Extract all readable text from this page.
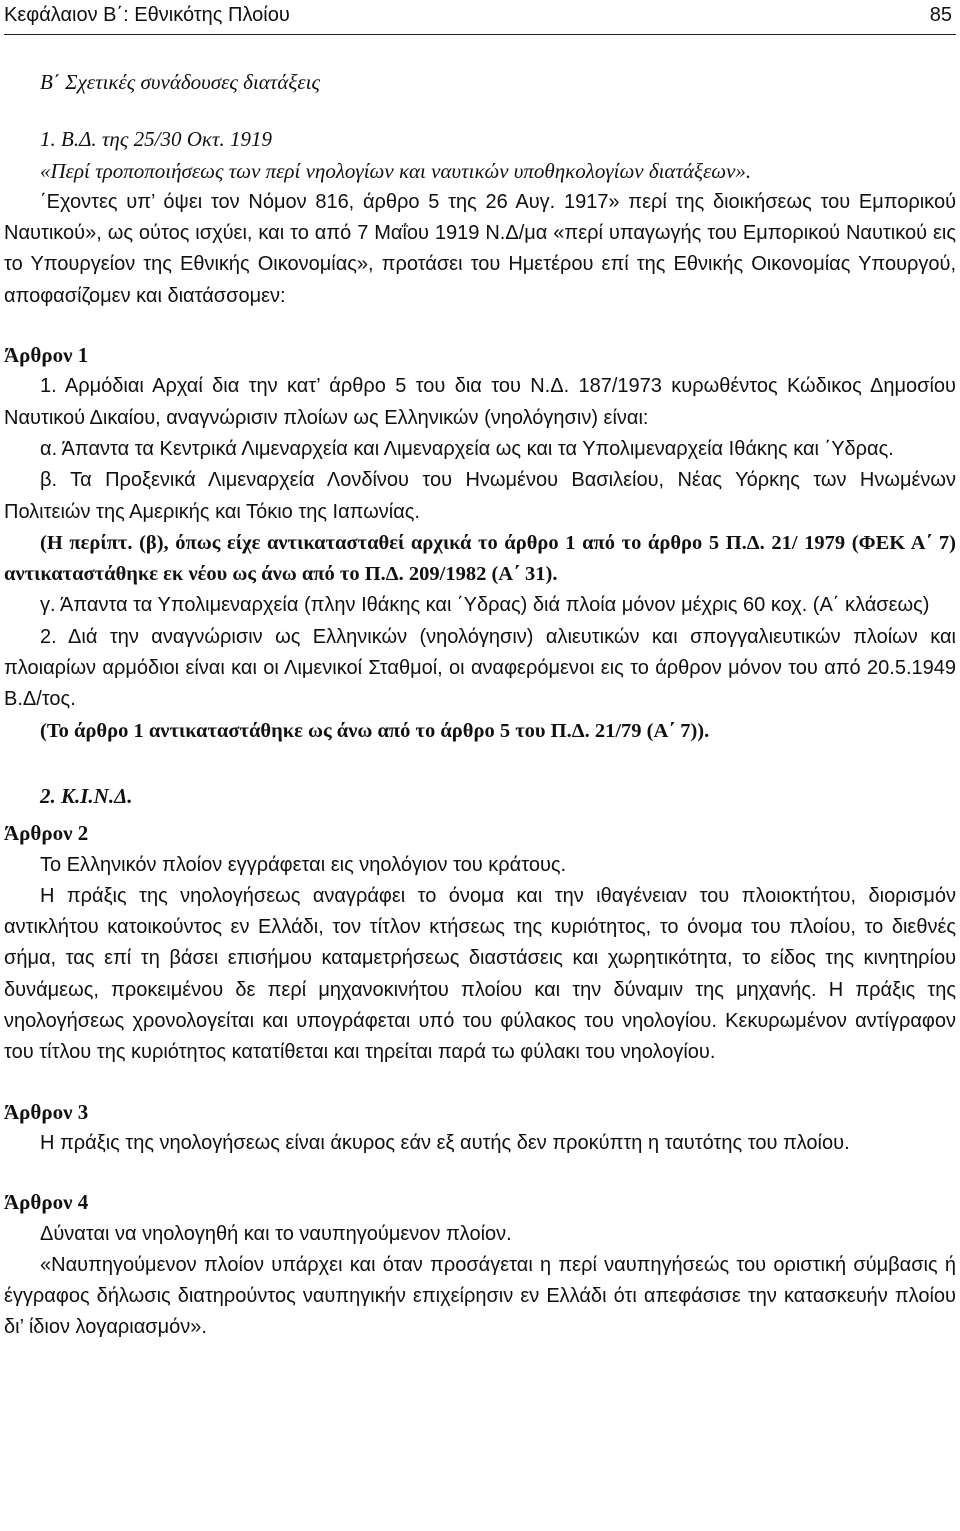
Κεφάλαιον Β΄: Εθνικότης Πλοίου	85

Β΄ Σχετικές συνάδουσες διατάξεις

1. Β.Δ. της 25/30 Οκτ. 1919

«Περί τροποποιήσεως των περί νηολογίων και ναυτικών υποθηκολογίων διατάξεων».

΄Εχοντες υπ’ όψει τον Νόμον 816, άρθρο 5 της 26 Αυγ. 1917» περί της διοικήσεως του Εμπορικού Ναυτικού», ως ούτος ισχύει, και το από 7 Μαΐου 1919 Ν.Δ/μα «περί υπαγωγής του Εμπορικού Ναυτικού εις το Υπουργείον της Εθνικής Οικονομίας», προτάσει του Ημετέρου επί της Εθνικής Οικονομίας Υπουργού, αποφασίζομεν και διατάσσομεν:

Άρθρον 1

1. Αρμόδιαι Αρχαί δια την κατ’ άρθρο 5 του δια του Ν.Δ. 187/1973 κυρωθέντος Κώδικος Δημοσίου Ναυτικού Δικαίου, αναγνώρισιν πλοίων ως Ελληνικών (νηολόγησιν) είναι:

α. Άπαντα τα Κεντρικά Λιμεναρχεία και Λιμεναρχεία ως και τα Υπολιμεναρχεία Ιθάκης και ΄Υδρας.

β. Τα Προξενικά Λιμεναρχεία Λονδίνου του Ηνωμένου Βασιλείου, Νέας Υόρκης των Ηνωμένων Πολιτειών της Αμερικής και Τόκιο της Ιαπωνίας.

(Η περίπτ. (β), όπως είχε αντικατασταθεί αρχικά το άρθρο 1 από το άρθρο 5 Π.Δ. 21/ 1979 (ΦΕΚ Α΄ 7) αντικαταστάθηκε εκ νέου ως άνω από το Π.Δ. 209/1982 (Α΄ 31).

γ. Άπαντα τα Υπολιμεναρχεία (πλην Ιθάκης και ΄Υδρας) διά πλοία μόνον μέχρις 60 κοχ. (Α΄ κλάσεως)

2. Διά την αναγνώρισιν ως Ελληνικών (νηολόγησιν) αλιευτικών και σπογγαλιευτικών πλοίων και πλοιαρίων αρμόδιοι είναι και οι Λιμενικοί Σταθμοί, οι αναφερόμενοι εις το άρθρον μόνον του από 20.5.1949 Β.Δ/τος.

(Το άρθρο 1 αντικαταστάθηκε ως άνω από το άρθρο 5 του Π.Δ. 21/79 (Α΄ 7)).

2. Κ.Ι.Ν.Δ.

Άρθρον 2

Το Ελληνικόν πλοίον εγγράφεται εις νηολόγιον του κράτους.

Η πράξις της νηολογήσεως αναγράφει το όνομα και την ιθαγένειαν του πλοιοκτήτου, διορισμόν αντικλήτου κατοικούντος εν Ελλάδι, τον τίτλον κτήσεως της κυριότητος, το όνομα του πλοίου, το διεθνές σήμα, τας επί τη βάσει επισήμου καταμετρήσεως διαστάσεις και χωρητικότητα, το είδος της κινητηρίου δυνάμεως, προκειμένου δε περί μηχανοκινήτου πλοίου και την δύναμιν της μηχανής. Η πράξις της νηολογήσεως χρονολογείται και υπογράφεται υπό του φύλακος του νηολογίου. Κεκυρωμένον αντίγραφον του τίτλου της κυριότητος κατατίθεται και τηρείται παρά τω φύλακι του νηολογίου.

Άρθρον 3

Η πράξις της νηολογήσεως είναι άκυρος εάν εξ αυτής δεν προκύπτη η ταυτότης του πλοίου.

Άρθρον 4

Δύναται να νηολογηθή και το ναυπηγούμενον πλοίον.

«Ναυπηγούμενον πλοίον υπάρχει και όταν προσάγεται η περί ναυπηγήσεώς του οριστική σύμβασις ή έγγραφος δήλωσις διατηρούντος ναυπηγικήν επιχείρησιν εν Ελλάδι ότι απεφάσισε την κατασκευήν πλοίου δι’ ίδιον λογαριασμόν».
